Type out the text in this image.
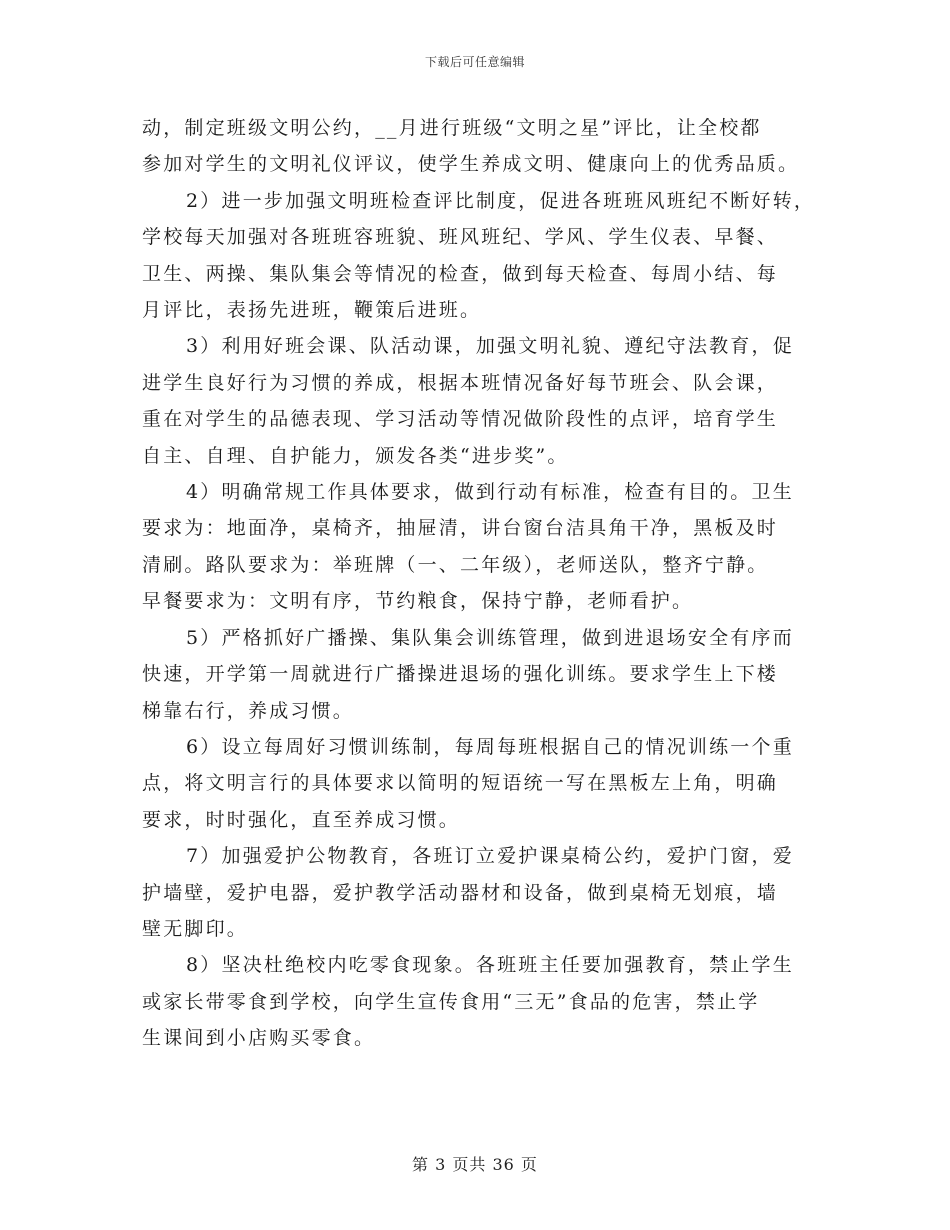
下载后可任意编辑

动，制定班级文明公约，__月进行班级“文明之星”评比，让全校都
参加对学生的文明礼仪评议，使学生养成文明、健康向上的优秀品质。

2）进一步加强文明班检查评比制度，促进各班班风班纪不断好转，
学校每天加强对各班班容班貌、班风班纪、学风、学生仪表、早餐、
卫生、两操、集队集会等情况的检查，做到每天检查、每周小结、每
月评比，表扬先进班，鞭策后进班。

3）利用好班会课、队活动课，加强文明礼貌、遵纪守法教育，促
进学生良好行为习惯的养成，根据本班情况备好每节班会、队会课，
重在对学生的品德表现、学习活动等情况做阶段性的点评，培育学生
自主、自理、自护能力，颁发各类“进步奖”。

4）明确常规工作具体要求，做到行动有标准，检查有目的。卫生
要求为：地面净，桌椅齐，抽屉清，讲台窗台洁具角干净，黑板及时
清刷。路队要求为：举班牌（一、二年级），老师送队，整齐宁静。
早餐要求为：文明有序，节约粮食，保持宁静，老师看护。

5）严格抓好广播操、集队集会训练管理，做到进退场安全有序而
快速，开学第一周就进行广播操进退场的强化训练。要求学生上下楼
梯靠右行，养成习惯。

6）设立每周好习惯训练制，每周每班根据自己的情况训练一个重
点，将文明言行的具体要求以简明的短语统一写在黑板左上角，明确
要求，时时强化，直至养成习惯。

7）加强爱护公物教育，各班订立爱护课桌椅公约，爱护门窗，爱
护墙壁，爱护电器，爱护教学活动器材和设备，做到桌椅无划痕，墙
壁无脚印。

8）坚决杜绝校内吃零食现象。各班班主任要加强教育，禁止学生
或家长带零食到学校，向学生宣传食用“三无”食品的危害，禁止学
生课间到小店购买零食。

第 3 页共 36 页
